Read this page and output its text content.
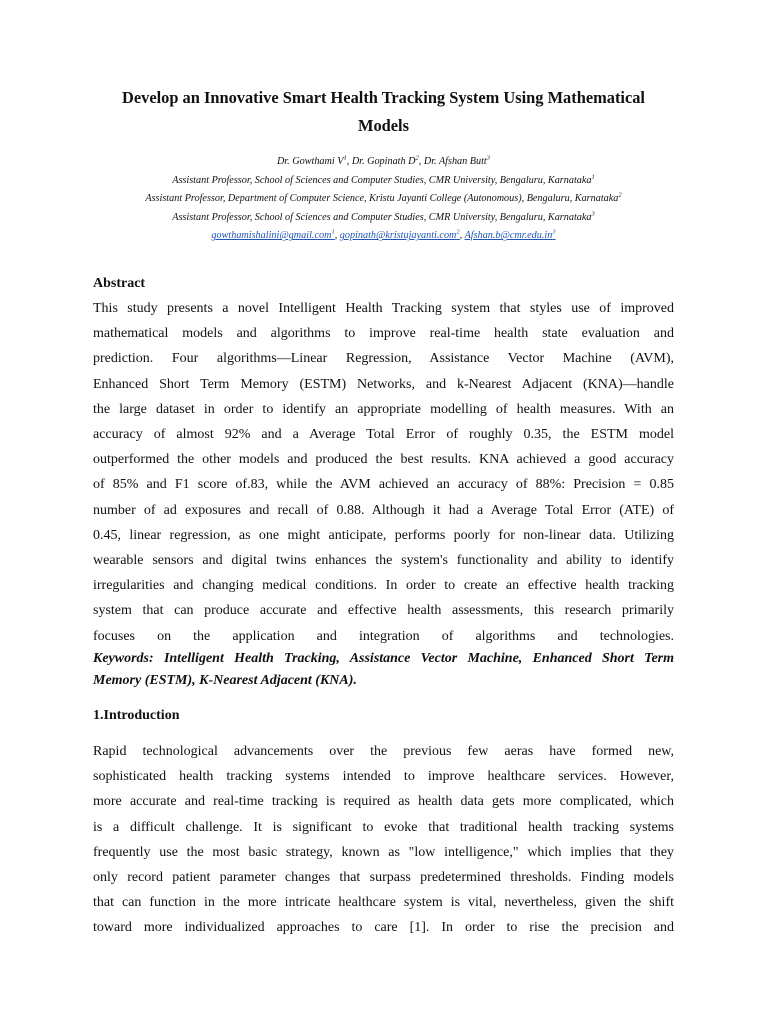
Develop an Innovative Smart Health Tracking System Using Mathematical
Models
Dr. Gowthami $V^1$, Dr. Gopinath $D^2$, Dr. Afshan Butt$^3$
Assistant Professor, School of Sciences and Computer Studies, CMR University, Bengaluru, Karnataka$^1$
Assistant Professor, Department of Computer Science, Kristu Jayanti College (Autonomous), Bengaluru, Karnataka$^2$
Assistant Professor, School of Sciences and Computer Studies, CMR University, Bengaluru, Karnataka$^3$
gowthamishalini@gmail.com$^1$, gopinath@kristujayanti.com$^2$, $Afshan.b@cmr.edu.in^3$
Abstract
This study presents a novel Intelligent Health Tracking system that styles use of improved
mathematical models and algorithms to improve real-time health state evaluation and
prediction. Four algorithms—Linear Regression, Assistance Vector Machine (AVM),
Enhanced Short Term Memory (ESTM) Networks, and k-Nearest Adjacent (KNA)—handle
the large dataset in order to identify an appropriate modelling of health measures. With an
accuracy of almost 92% and a Average Total Error of roughly 0.35, the ESTM model
outperformed the other models and produced the best results. KNA achieved a good accuracy
of 85% and F1 score of.83, while the AVM achieved an accuracy of 88%: Precision = 0.85
number of ad exposures and recall of 0.88. Although it had a Average Total Error (ATE) of
0.45, linear regression, as one might anticipate, performs poorly for non-linear data. Utilizing
wearable sensors and digital twins enhances the system's functionality and ability to identify
irregularities and changing medical conditions. In order to create an effective health tracking
system that can produce accurate and effective health assessments, this research primarily
focuses on the application and integration of algorithms and technologies.
Keywords: Intelligent Health Tracking, Assistance Vector Machine, Enhanced Short Term
Memory (ESTM), K-Nearest Adjacent (KNA).
1.Introduction
Rapid technological advancements over the previous few aeras have formed new,
sophisticated health tracking systems intended to improve healthcare services. However,
more accurate and real-time tracking is required as health data gets more complicated, which
is a difficult challenge. It is significant to evoke that traditional health tracking systems
frequently use the most basic strategy, known as "low intelligence," which implies that they
only record patient parameter changes that surpass predetermined thresholds. Finding models
that can function in the more intricate healthcare system is vital, nevertheless, given the shift
toward more individualized approaches to care [1]. In order to rise the precision and
